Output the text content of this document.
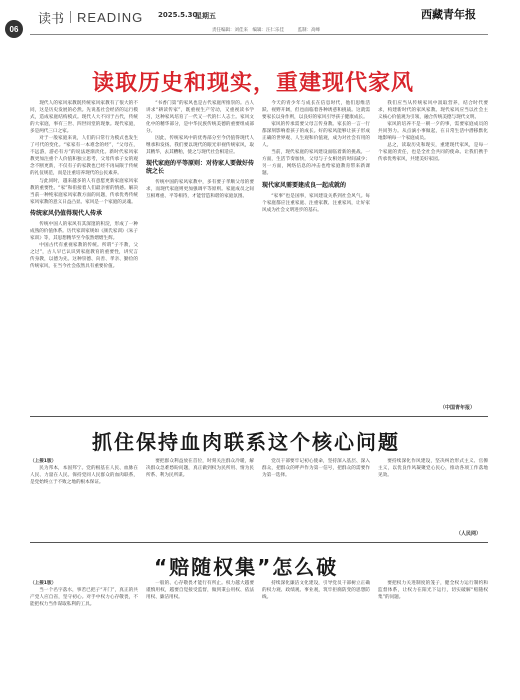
读书 READING 2025.5.30
星期五	西藏青年报
责任编辑：刘佳来　编辑：汪仁乐佳　　　监制：高峰
06
读取历史和现实，重建现代家风

现代人的家风家教既传统家风家教有了很大的不同，这是历史发展的必然。先说基社会经济的运行模式，造成家庭结构模式。现代人大不同于古代，传统的大家庭，事有三世、四世同堂的现象。现代家庭，多是两代三口之家。

对于一般家庭来说，人们的日常行为模式也发生了可代的变化。“家家有一本难念的经”，“父母在，不远游，游必有方”的说法逐渐淡化。新时代家风家教更加注重个人价值和独立思考，父母传承子女的观念不断更新，不仅有子的家教也已经不再局限于传统的礼仪规范，而是注重培养现代的公民素养。

与此同时，越来越多的人有意愿更新家庭家风家教的重要性。“家”和衔接着人们最亲密的情感。解决当前一种纯家庭家风家教方面的问题，传承优秀传统家风家教的意义日益凸显。家风是一个家庭的灵魂。

传统家风仍值得现代人传承

传统中国人的家风有其深邃的积淀，形成了一种成熟的价值体系。历代家训家规如《颜氏家训》《朱子家训》等，其思想精华至今依然熠熠生辉。

中国古代有重视家教的传统。所谓“子不教，父之过”，古人早已认识到家庭教育的重要性，讲究言传身教，以德为先。这种崇德、向善、孝亲、勤俭的传统家风，在当今社会依然具有重要价值。

“书香门第”的家风也是古代家庭所推崇的。古人讲求“耕读传家”，既重视生产劳动，又重视读书学习，这种家风培育了一代又一代的仁人志士。家风文化中的精华部分，是中华民族传统美德的重要组成部分。

因此，传统家风中的优秀部分至今仍值得现代人继承和发扬。我们要以现代的眼光审视传统家风，取其精华，去其糟粕，使之与现代社会相适应。

现代家庭的平等原则：对待家人要做好传统之长

传统中国的家风家教中，多有要子孝顺父母的要求，而现代家庭则更加强调平等原则。家庭成员之间互相尊重、平等相待，才能营造和谐的家庭氛围。

今天的青少年与成长在信息时代，他们思维活跃、视野开阔，但也面临着各种诱惑和挑战。这就需要家长以身作则，以良好的家风引导孩子健康成长。

家风的传承需要父母言传身教。家长的一言一行都深刻影响着孩子的成长。好的家风能够让孩子形成正确的世界观、人生观和价值观，成为对社会有用的人。

当前，现代家庭的家风建设面临着新的挑战。一方面，生活节奏加快，父母与子女相处的时间减少；另一方面，网络信息的冲击也给家庭教育带来新课题。

现代家风需要建成良一起成就的

“家事”也是国事，家风建设关系到社会风气。每个家庭都应注重家庭、注重家教、注重家风，让好家风成为社会文明进步的基石。

我们应当从传统家风中汲取营养，结合时代要求，构建新时代的家风家教。现代家风应当以社会主义核心价值观为引领，融合传统美德与现代文明。

家风的培养不是一朝一夕的事，需要家庭成员的共同努力。从点滴小事做起，在日常生活中潜移默化地影响每一个家庭成员。

总之，读取历史和现实，重建现代家风，是每一个家庭的责任，也是全社会共同的使命。让我们携手传承优秀家风，共建美好家园。

（中国青年报）
抓住保持血肉联系这个核心问题
（上接1版）

民为邦本，本固邦宁。党的根基在人民、血脉在人民、力量在人民。保持党同人民群众的血肉联系，是党始终立于不败之地的根本保证。

要把群众利益放在首位，时刻关注群众冷暖，解决群众急难愁盼问题，真正做到权为民所用、情为民所系、利为民所谋。

党员干部要牢记初心使命，坚持深入基层、深入群众，把群众的呼声作为第一信号，把群众的需要作为第一选择。

要持续深化作风建设，坚决纠治形式主义、官僚主义，以优良作风凝聚党心民心，推动各项工作落地见效。

（人民网）
“赔随权集”怎么破
（上接1版）

当一个名字落水，事若已把子“开门”，真正的共产党人应自省，坚守初心。对手中权力心存敬畏，不能把权力当作谋取私利的工具。

一般的、心存敬畏才能行有所止。权力越大越要谨慎用权，越要自觉接受监督，做到秉公用权、依法用权、廉洁用权。

持续深化廉洁文化建设，引导党员干部树立正确的权力观、政绩观、事业观，筑牢拒腐防变的思想防线。

要把权力关进制度的笼子，健全权力运行制约和监督体系，让权力在阳光下运行，切实破解“赔随权集”的问题。
